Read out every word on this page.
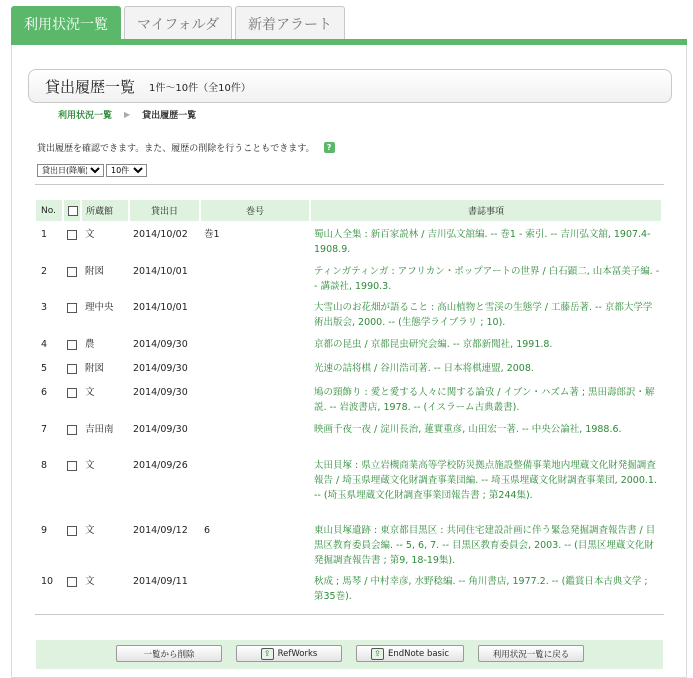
利用状況一覧	マイフォルダ	新着アラート
貸出履歴一覧 1件～10件 （全10件）
利用状況一覧 ▶ 貸出履歴一覧
貸出履歴を確認できます。また、履歴の削除を行うこともできます。	?
貸出日(降順)
10件
No.		所蔵館	貸出日	巻号	書誌事項
1		文	2014/10/02	巻1	蜀山人全集 : 新百家説林 / 吉川弘文舘編. -- 巻1 - 索引. -- 吉川弘文舘, 1907.4-1908.9.
2		附図	2014/10/01		ティンガティンガ : アフリカン・ポップアートの世界 / 白石顕二, 山本冨美子編. -- 講談社, 1990.3.
3		理中央	2014/10/01		大雪山のお花畑が語ること : 高山植物と雪渓の生態学 / 工藤岳著. -- 京都大学学術出版会, 2000. -- (生態学ライブラリ ; 10).
4		農	2014/09/30		京都の昆虫 / 京都昆虫研究会編. -- 京都新聞社, 1991.8.
5		附図	2014/09/30		光速の詰将棋 / 谷川浩司著. -- 日本将棋連盟, 2008.
6		文	2014/09/30		鳩の頸飾り : 愛と愛する人々に関する論攷 / イブン・ハズム著 ; 黒田壽郎訳・解説. -- 岩波書店, 1978. -- (イスラーム古典叢書).
7		吉田南	2014/09/30		映画千夜一夜 / 淀川長治, 蓮實重彦, 山田宏一著. -- 中央公論社, 1988.6.
8		文	2014/09/26		太田貝塚 : 県立岩槻商業高等学校防災拠点施設整備事業地内埋蔵文化財発掘調査報告 / 埼玉県埋蔵文化財調査事業団編. -- 埼玉県埋蔵文化財調査事業団, 2000.1. -- (埼玉県埋蔵文化財調査事業団報告書 ; 第244集).
9		文	2014/09/12	6	東山貝塚遺跡 : 東京都目黒区 : 共同住宅建設計画に伴う緊急発掘調査報告書 / 目黒区教育委員会編. -- 5, 6, 7. -- 目黒区教育委員会, 2003. -- (目黒区埋蔵文化財発掘調査報告書 ; 第9, 18-19集).
10		文	2014/09/11		秋成 ; 馬琴 / 中村幸彦, 水野稔編. -- 角川書店, 1977.2. -- (鑑賞日本古典文学 ; 第35巻).
一覧から削除	⇪ RefWorks	⇪ EndNote basic	利用状況一覧に戻る
